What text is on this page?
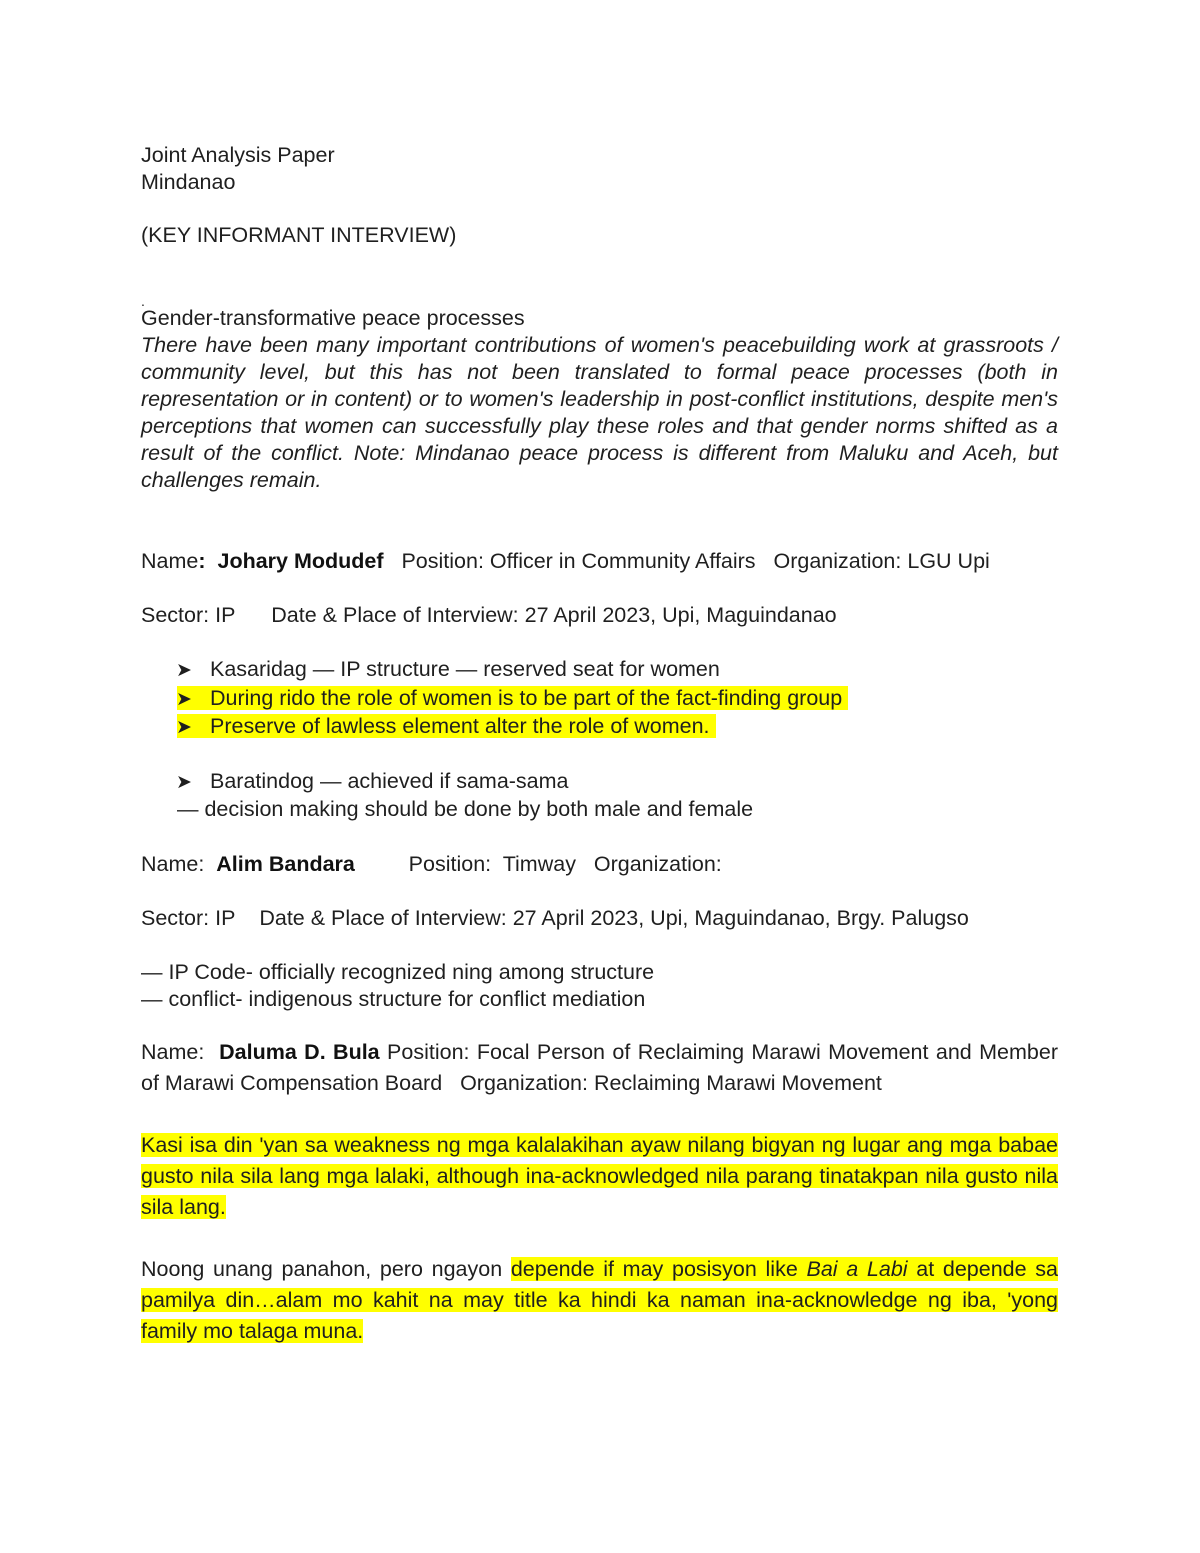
Joint Analysis Paper
Mindanao
(KEY INFORMANT INTERVIEW)
.
Gender-transformative peace processes
There have been many important contributions of women's peacebuilding work at grassroots / community level, but this has not been translated to formal peace processes (both in representation or in content) or to women's leadership in post-conflict institutions, despite men's perceptions that women can successfully play these roles and that gender norms shifted as a result of the conflict. Note: Mindanao peace process is different from Maluku and Aceh, but challenges remain.
Name: Johary Modudef Position: Officer in Community Affairs Organization: LGU Upi
Sector: IP Date & Place of Interview: 27 April 2023, Upi, Maguindanao
➤ Kasaridag — IP structure — reserved seat for women
➤ During rido the role of women is to be part of the fact-finding group
➤ Preserve of lawless element alter the role of women.
➤ Baratindog — achieved if sama-sama
— decision making should be done by both male and female
Name: Alim Bandara	Position: Timway Organization:
Sector: IP Date & Place of Interview: 27 April 2023, Upi, Maguindanao, Brgy. Palugso
— IP Code- officially recognized ning among structure
— conflict- indigenous structure for conflict mediation
Name: Daluma D. Bula Position: Focal Person of Reclaiming Marawi Movement and Member of Marawi Compensation Board Organization: Reclaiming Marawi Movement
Kasi isa din 'yan sa weakness ng mga kalalakihan ayaw nilang bigyan ng lugar ang mga babae gusto nila sila lang mga lalaki, although ina-acknowledged nila parang tinatakpan nila gusto nila sila lang.
Noong unang panahon, pero ngayon depende if may posisyon like Bai a Labi at depende sa pamilya din…alam mo kahit na may title ka hindi ka naman ina-acknowledge ng iba, 'yong family mo talaga muna.
